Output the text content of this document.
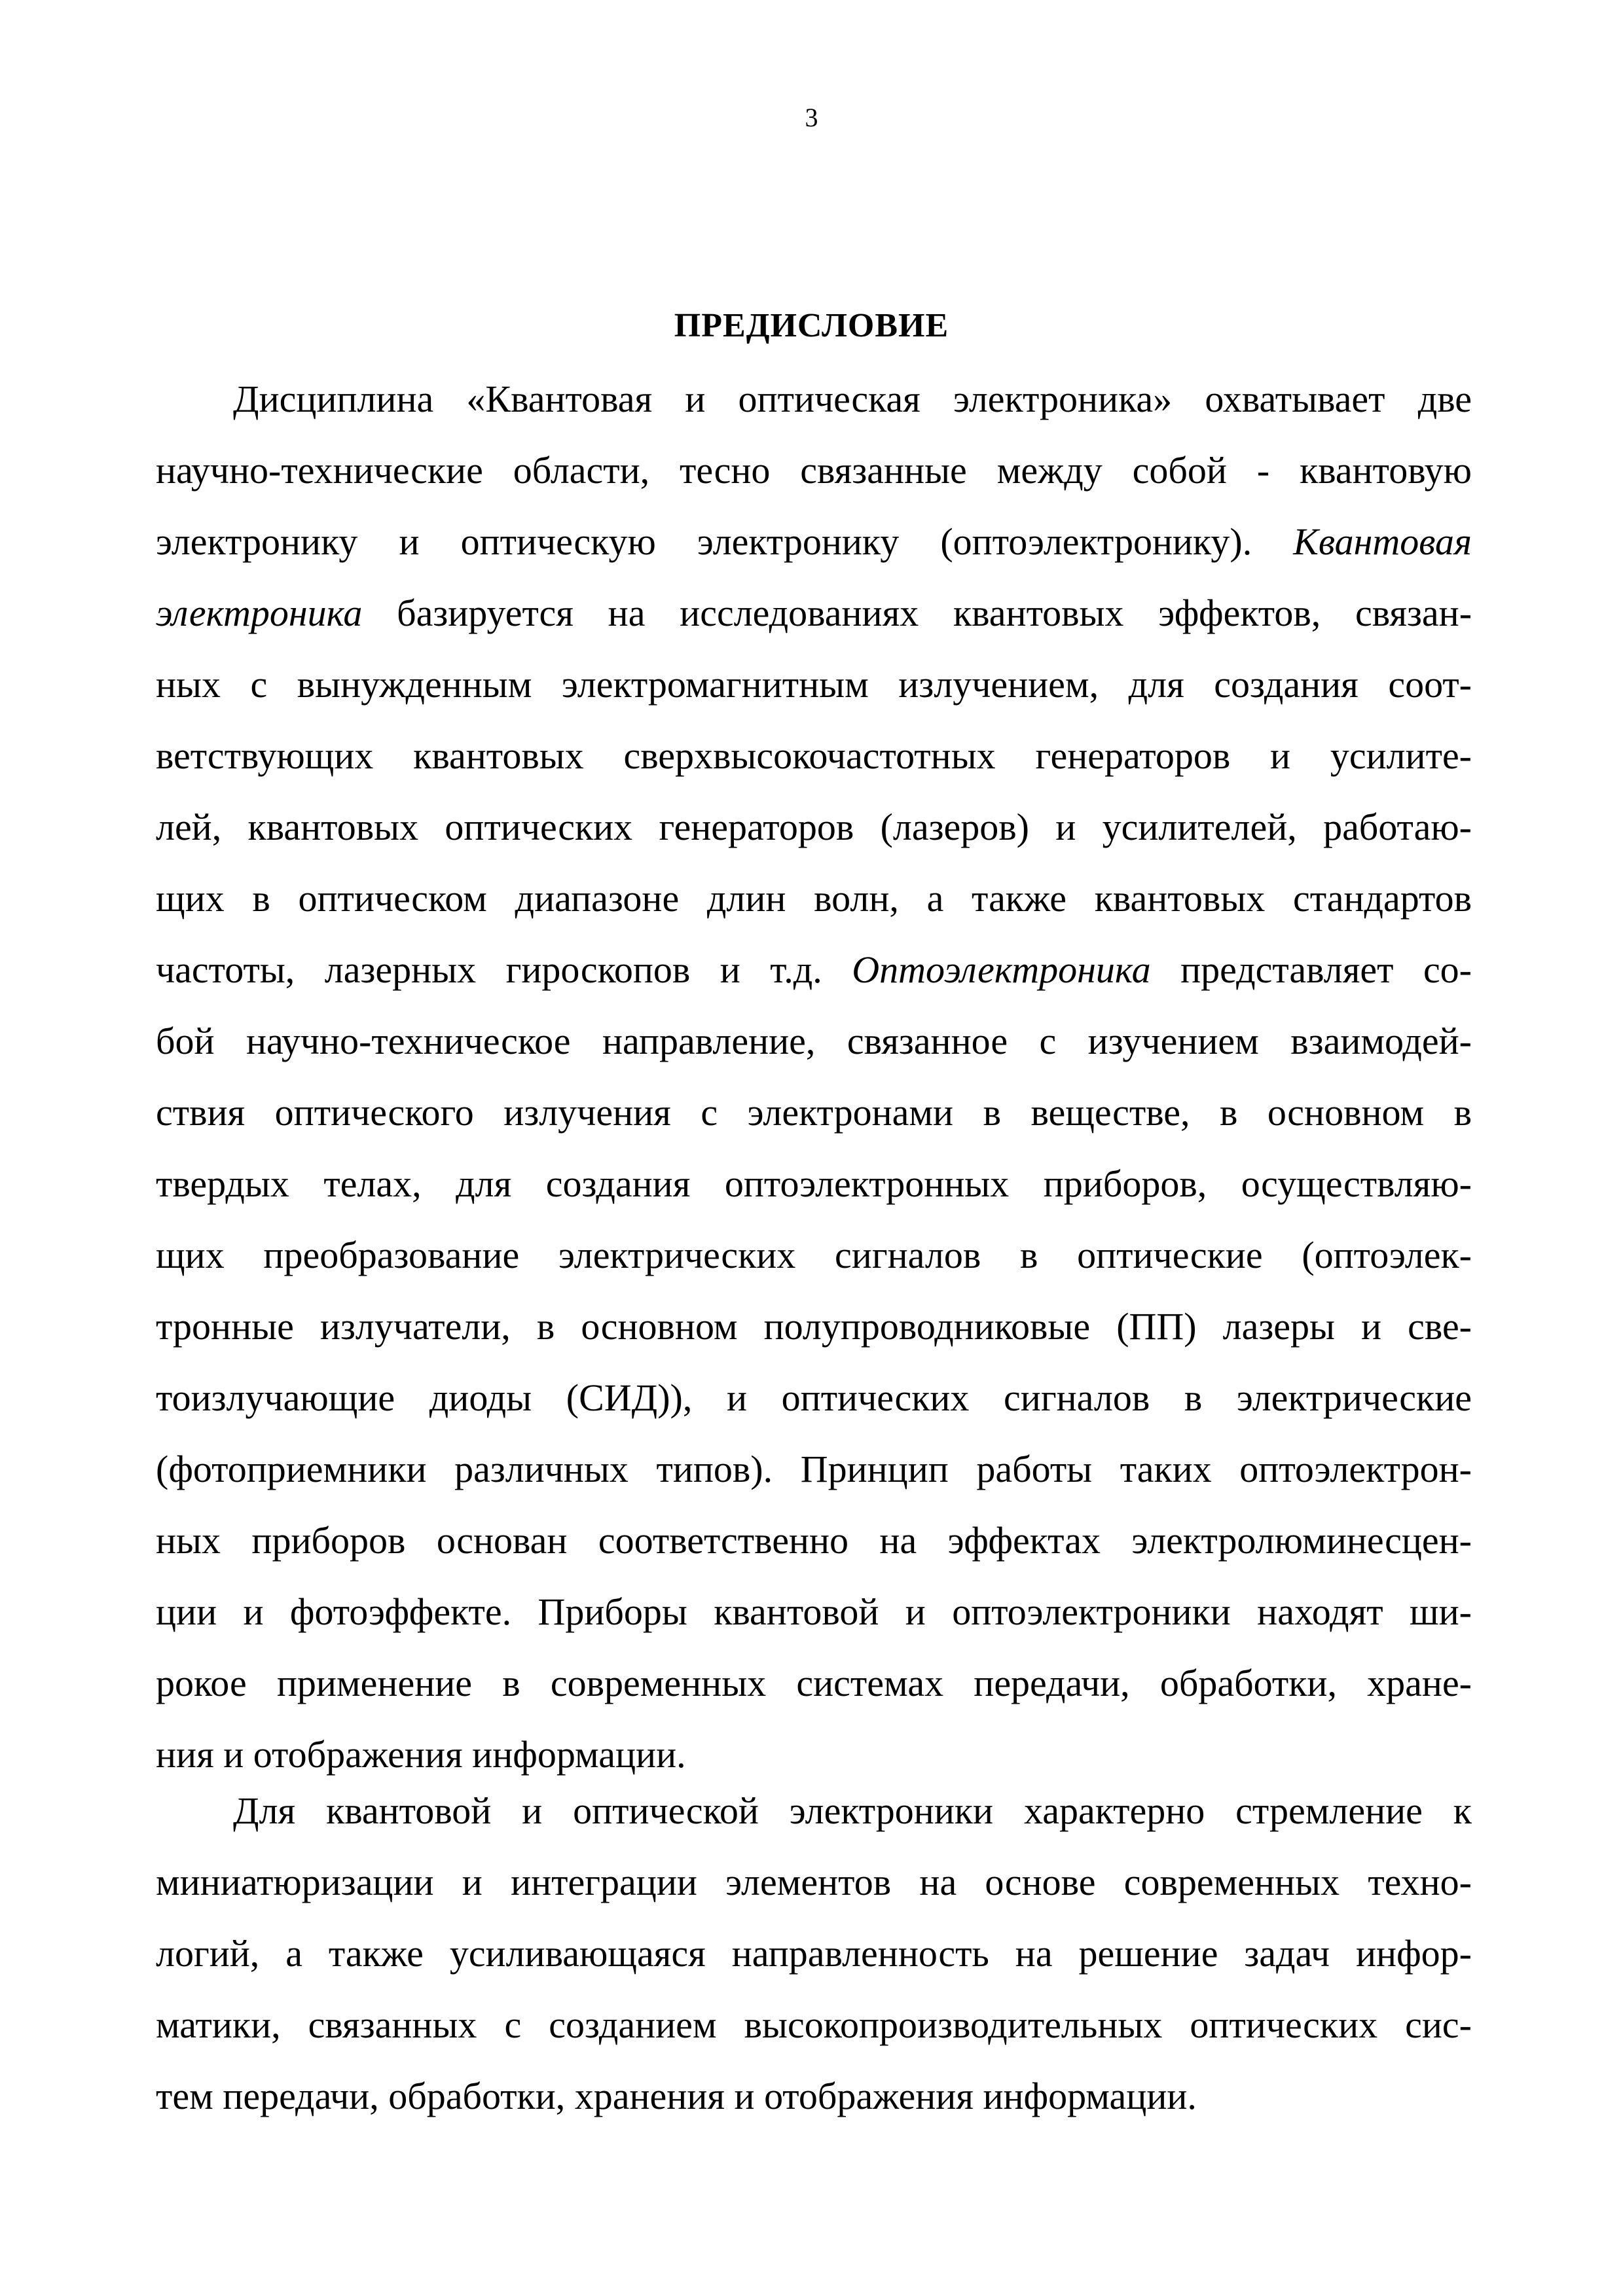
3
ПРЕДИСЛОВИЕ
Дисциплина «Квантовая и оптическая электроника» охватывает две
научно-технические области, тесно связанные между собой - квантовую
электронику и оптическую электронику (оптоэлектронику). Квантовая
электроника базируется на исследованиях квантовых эффектов, связан-
ных с вынужденным электромагнитным излучением, для создания соот-
ветствующих квантовых сверхвысокочастотных генераторов и усилите-
лей, квантовых оптических генераторов (лазеров) и усилителей, работаю-
щих в оптическом диапазоне длин волн, а также квантовых стандартов
частоты, лазерных гироскопов и т.д. Оптоэлектроника представляет со-
бой научно-техническое направление, связанное с изучением взаимодей-
ствия оптического излучения с электронами в веществе, в основном в
твердых телах, для создания оптоэлектронных приборов, осуществляю-
щих преобразование электрических сигналов в оптические (оптоэлек-
тронные излучатели, в основном полупроводниковые (ПП) лазеры и све-
тоизлучающие диоды (СИД)), и оптических сигналов в электрические
(фотоприемники различных типов). Принцип работы таких оптоэлектрон-
ных приборов основан соответственно на эффектах электролюминесцен-
ции и фотоэффекте. Приборы квантовой и оптоэлектроники находят ши-
рокое применение в современных системах передачи, обработки, хране-
ния и отображения информации.
Для квантовой и оптической электроники характерно стремление к
миниатюризации и интеграции элементов на основе современных техно-
логий, а также усиливающаяся направленность на решение задач инфор-
матики, связанных с созданием высокопроизводительных оптических сис-
тем передачи, обработки, хранения и отображения информации.
